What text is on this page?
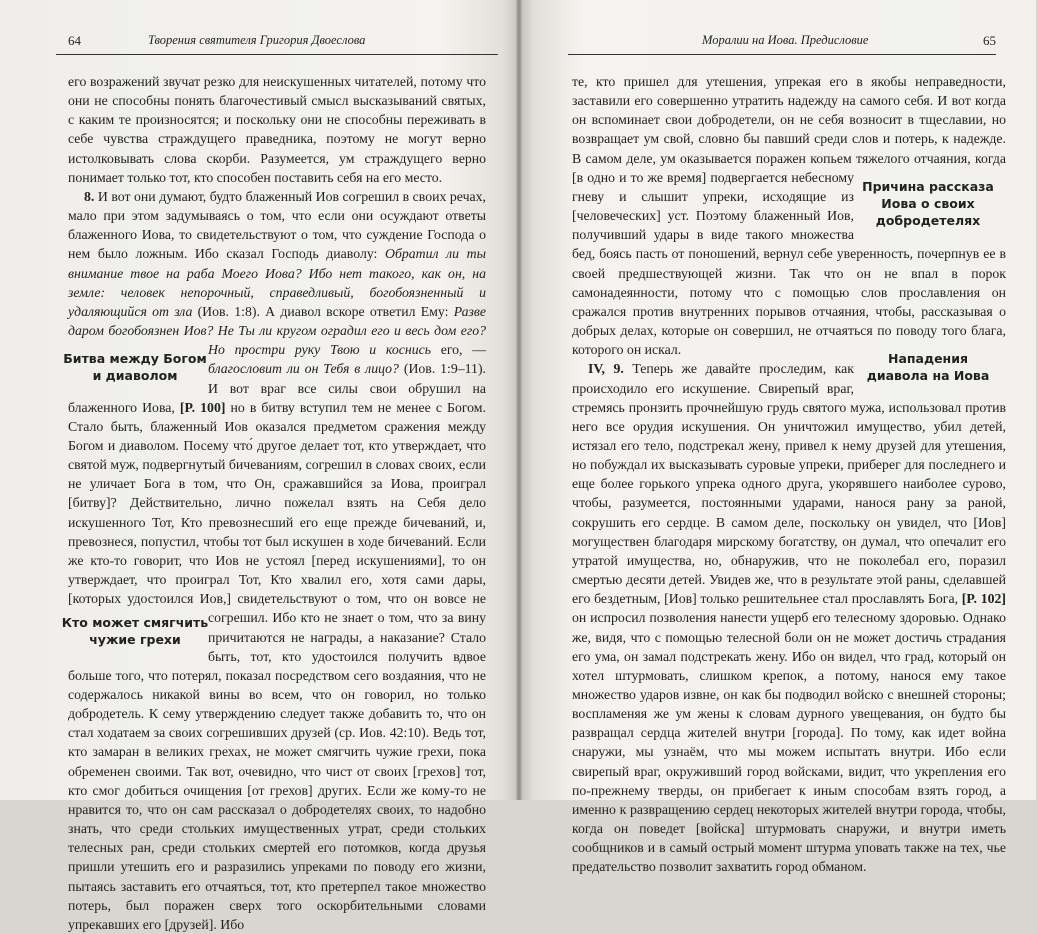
64	Творения святителя Григория Двоеслова

его возражений звучат резко для неискушенных читателей, потому что они не способны понять благочестивый смысл высказываний святых, с каким те произносятся; и поскольку они не способны переживать в себе чувства страждущего праведника, поэтому не могут верно истолковывать слова скорби. Разумеется, ум страждущего верно понимает только тот, кто способен поставить себя на его место.

8. И вот они думают, будто блаженный Иов согрешил в своих речах, мало при этом задумываясь о том, что если они осуждают ответы блаженного Иова, то свидетельствуют о том, что суждение Господа о нем было ложным. Ибо сказал Господь диаволу: Обратил ли ты внимание твое на раба Моего Иова? Ибо нет такого, как он, на земле: человек непорочный, справедливый, богобоязненный и удаляющийся от зла (Иов. 1:8). А диавол вскоре ответил Ему: Разве даром богобоязнен Иов? Не Ты ли кругом оградил его и весь дом его? Но простри руку Твою и коснись его, — благословит ли он Тебя в лицо? (Иов. 1:9–11). И вот враг все силы свои обрушил на блаженного Иова, [P. 100] но в битву вступил тем не менее с Богом. Стало быть, блаженный Иов оказался предметом сражения между Богом и диаволом. Посему что́ другое делает тот, кто утверждает, что святой муж, подвергнутый бичеваниям, согрешил в словах своих, если не уличает Бога в том, что Он, сражавшийся за Иова, проиграл [битву]? Действительно, лично пожелал взять на Себя дело искушенного Тот, Кто превознесший его еще прежде бичеваний, и, превознеся, попустил, чтобы тот был искушен в ходе бичеваний. Если же кто-то говорит, что Иов не устоял [перед искушениями], то он утверждает, что проиграл Тот, Кто хвалил его, хотя сами дары, [которых удостоился Иов,] свидетельствуют о том, что он вовсе не согрешил. Ибо кто не знает о том, что за вину причитаются не награды, а наказание? Стало быть, тот, кто удостоился получить вдвое больше того, что потерял, показал посредством сего воздаяния, что не содержалось никакой вины во всем, что он говорил, но только добродетель. К сему утверждению следует также добавить то, что он стал ходатаем за своих согрешивших друзей (ср. Иов. 42:10). Ведь тот, кто замаран в великих грехах, не может смягчить чужие грехи, пока обременен своими. Так вот, очевидно, что чист от своих [грехов] тот, кто смог добиться очищения [от грехов] других. Если же кому-то не нравится то, что он сам рассказал о добродетелях своих, то надобно знать, что среди стольких имущественных утрат, среди стольких телесных ран, среди стольких смертей его потомков, когда друзья пришли утешить его и разразились упреками по поводу его жизни, пытаясь заставить его отчаяться, тот, кто претерпел такое множество потерь, был поражен сверх того оскорбительными словами упрекавших его [друзей]. Ибо

Битва между Богом и диаволом
Кто может смягчить чужие грехи
Моралии на Иова. Предисловие	65

те, кто пришел для утешения, упрекая его в якобы неправедности, заставили его совершенно утратить надежду на самого себя. И вот когда он вспоминает свои добродетели, он не себя возносит в тщеславии, но возвращает ум свой, словно бы павший среди слов и потерь, к надежде. В самом деле, ум оказывается поражен копьем тяжелого отчаяния, когда [в одно и то же время] подвергается небесному гневу и слышит упреки, исходящие из [человеческих] уст. Поэтому блаженный Иов, получивший удары в виде такого множества бед, боясь пасть от поношений, вернул себе уверенность, почерпнув ее в своей предшествующей жизни. Так что он не впал в порок самонадеянности, потому что с помощью слов прославления он сражался против внутренних порывов отчаяния, чтобы, рассказывая о добрых делах, которые он совершил, не отчаяться по поводу того блага, которого он искал.

IV, 9. Теперь же давайте проследим, как происходило его искушение. Свирепый враг, стремясь пронзить прочнейшую грудь святого мужа, использовал против него все орудия искушения. Он уничтожил имущество, убил детей, истязал его тело, подстрекал жену, привел к нему друзей для утешения, но побуждал их высказывать суровые упреки, приберег для последнего и еще более горького упрека одного друга, укорявшего наиболее сурово, чтобы, разумеется, постоянными ударами, нанося рану за раной, сокрушить его сердце. В самом деле, поскольку он увидел, что [Иов] могуществен благодаря мирскому богатству, он думал, что опечалит его утратой имущества, но, обнаружив, что не поколебал его, поразил смертью десяти детей. Увидев же, что в результате этой раны, сделавшей его бездетным, [Иов] только решительнее стал прославлять Бога, [P. 102] он испросил позволения нанести ущерб его телесному здоровью. Однако же, видя, что с помощью телесной боли он не может достичь страдания его ума, он замал подстрекать жену. Ибо он видел, что град, который он хотел штурмовать, слишком крепок, а потому, нанося ему такое множество ударов извне, он как бы подводил войско с внешней стороны; воспламеняя же ум жены к словам дурного увещевания, он будто бы развращал сердца жителей внутри [города]. По тому, как идет война снаружи, мы узнаём, что мы можем испытать внутри. Ибо если свирепый враг, окруживший город войсками, видит, что укрепления его по-прежнему тверды, он прибегает к иным способам взять город, а именно к развращению сердец некоторых жителей внутри города, чтобы, когда он поведет [войска] штурмовать снаружи, и внутри иметь сообщников и в самый острый момент штурма уповать также на тех, чье предательство позволит захватить город обманом.

Причина рассказа Иова о своих добродетелях
Нападения диавола на Иова
